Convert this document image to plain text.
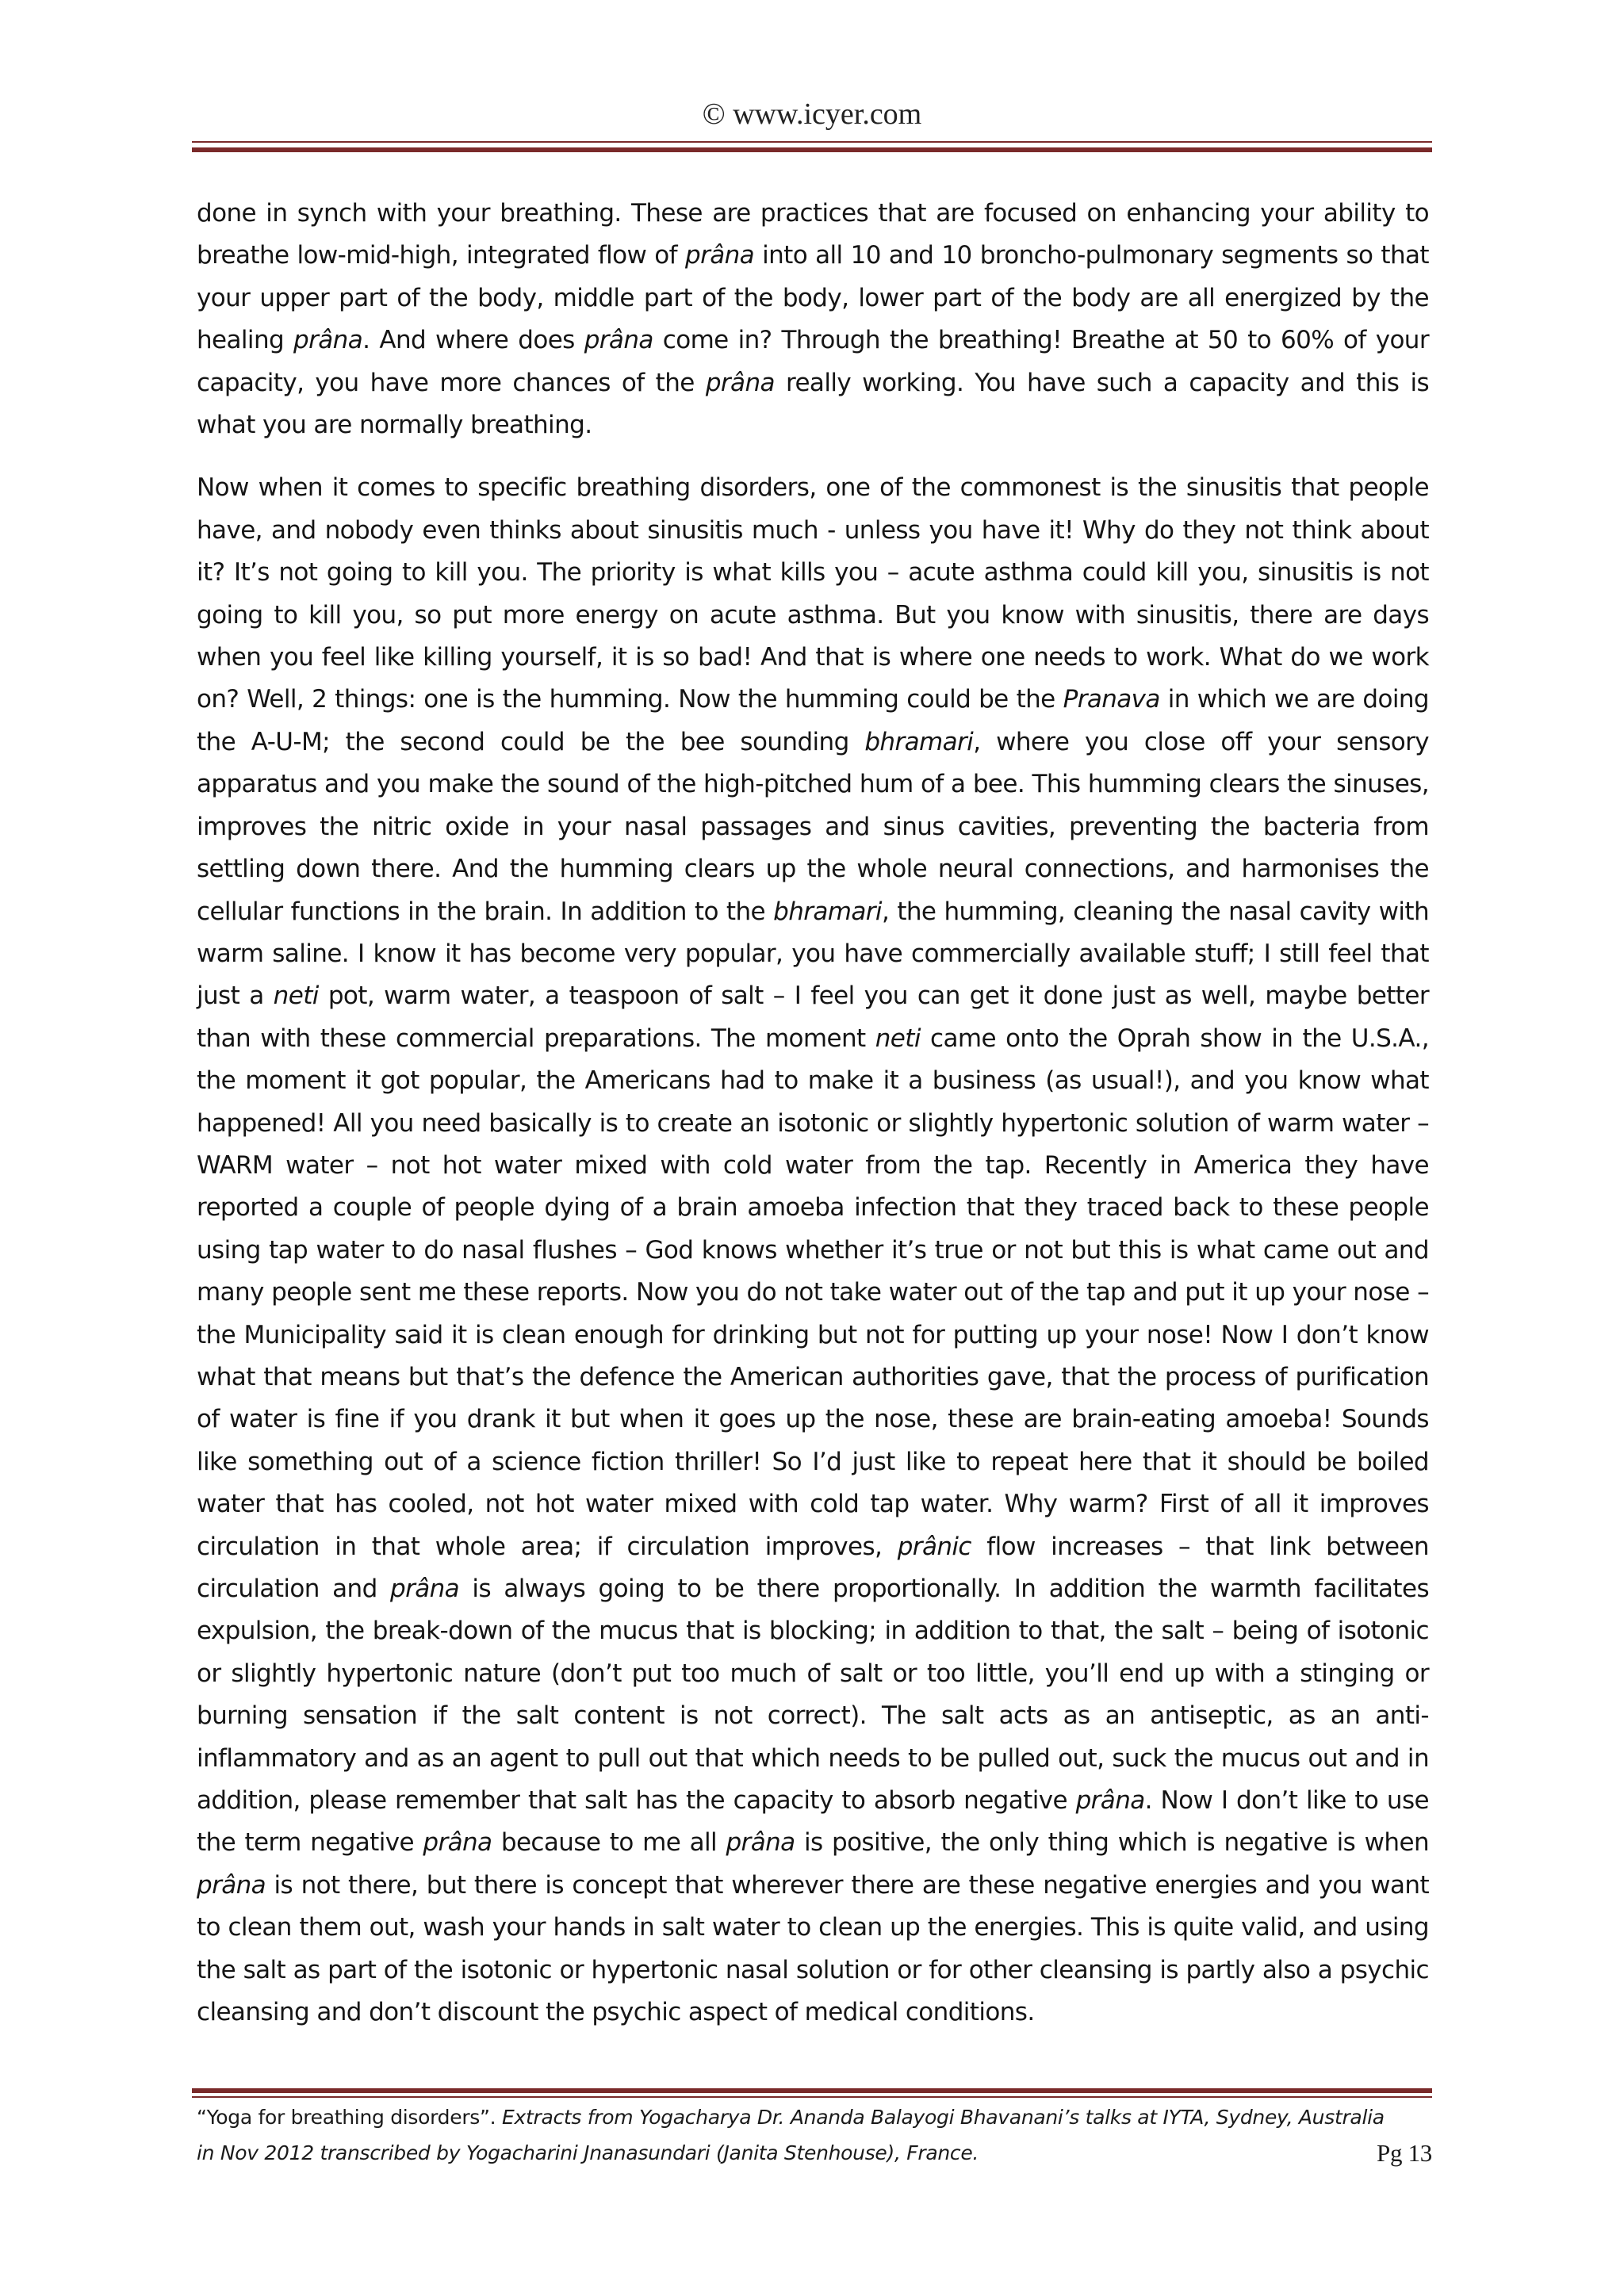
© www.icyer.com

done in synch with your breathing. These are practices that are focused on enhancing your ability to breathe low-mid-high, integrated flow of prâna into all 10 and 10 broncho-pulmonary segments so that your upper part of the body, middle part of the body, lower part of the body are all energized by the healing prâna. And where does prâna come in? Through the breathing! Breathe at 50 to 60% of your capacity, you have more chances of the prâna really working. You have such a capacity and this is what you are normally breathing.

Now when it comes to specific breathing disorders, one of the commonest is the sinusitis that people have, and nobody even thinks about sinusitis much - unless you have it! Why do they not think about it? It’s not going to kill you. The priority is what kills you – acute asthma could kill you, sinusitis is not going to kill you, so put more energy on acute asthma. But you know with sinusitis, there are days when you feel like killing yourself, it is so bad! And that is where one needs to work. What do we work on? Well, 2 things: one is the humming. Now the humming could be the Pranava in which we are doing the A-U-M; the second could be the bee sounding bhramari, where you close off your sensory apparatus and you make the sound of the high-pitched hum of a bee. This humming clears the sinuses, improves the nitric oxide in your nasal passages and sinus cavities, preventing the bacteria from settling down there. And the humming clears up the whole neural connections, and harmonises the cellular functions in the brain. In addition to the bhramari, the humming, cleaning the nasal cavity with warm saline. I know it has become very popular, you have commercially available stuff; I still feel that just a neti pot, warm water, a teaspoon of salt – I feel you can get it done just as well, maybe better than with these commercial preparations. The moment neti came onto the Oprah show in the U.S.A., the moment it got popular, the Americans had to make it a business (as usual!), and you know what happened! All you need basically is to create an isotonic or slightly hypertonic solution of warm water – WARM water – not hot water mixed with cold water from the tap. Recently in America they have reported a couple of people dying of a brain amoeba infection that they traced back to these people using tap water to do nasal flushes – God knows whether it’s true or not but this is what came out and many people sent me these reports. Now you do not take water out of the tap and put it up your nose – the Municipality said it is clean enough for drinking but not for putting up your nose! Now I don’t know what that means but that’s the defence the American authorities gave, that the process of purification of water is fine if you drank it but when it goes up the nose, these are brain-eating amoeba! Sounds like something out of a science fiction thriller! So I’d just like to repeat here that it should be boiled water that has cooled, not hot water mixed with cold tap water. Why warm? First of all it improves circulation in that whole area; if circulation improves, prânic flow increases – that link between circulation and prâna is always going to be there proportionally. In addition the warmth facilitates expulsion, the break-down of the mucus that is blocking; in addition to that, the salt – being of isotonic or slightly hypertonic nature (don’t put too much of salt or too little, you’ll end up with a stinging or burning sensation if the salt content is not correct). The salt acts as an antiseptic, as an anti-inflammatory and as an agent to pull out that which needs to be pulled out, suck the mucus out and in addition, please remember that salt has the capacity to absorb negative prâna. Now I don’t like to use the term negative prâna because to me all prâna is positive, the only thing which is negative is when prâna is not there, but there is concept that wherever there are these negative energies and you want to clean them out, wash your hands in salt water to clean up the energies. This is quite valid, and using the salt as part of the isotonic or hypertonic nasal solution or for other cleansing is partly also a psychic cleansing and don’t discount the psychic aspect of medical conditions.

“Yoga for breathing disorders”. Extracts from Yogacharya Dr. Ananda Balayogi Bhavanani’s talks at IYTA, Sydney, Australia
in Nov 2012 transcribed by Yogacharini Jnanasundari (Janita Stenhouse), France.	Pg 13
